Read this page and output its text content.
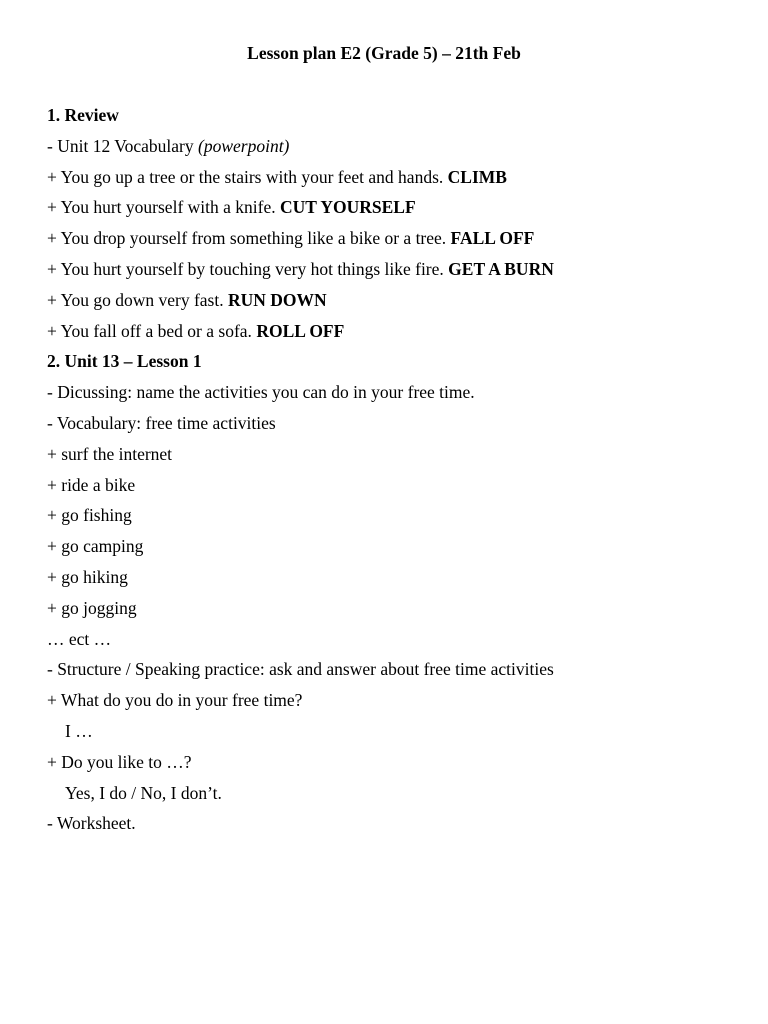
Lesson plan E2 (Grade 5) – 21th Feb
1. Review
- Unit 12 Vocabulary (powerpoint)
+ You go up a tree or the stairs with your feet and hands. CLIMB
+ You hurt yourself with a knife. CUT YOURSELF
+ You drop yourself from something like a bike or a tree. FALL OFF
+ You hurt yourself by touching very hot things like fire. GET A BURN
+ You go down very fast. RUN DOWN
+ You fall off a bed or a sofa. ROLL OFF
2. Unit 13 – Lesson 1
- Dicussing: name the activities you can do in your free time.
- Vocabulary: free time activities
+ surf the internet
+ ride a bike
+ go fishing
+ go camping
+ go hiking
+ go jogging
… ect …
- Structure / Speaking practice: ask and answer about free time activities
+ What do you do in your free time?
I …
+ Do you like to …?
Yes, I do / No, I don’t.
- Worksheet.
